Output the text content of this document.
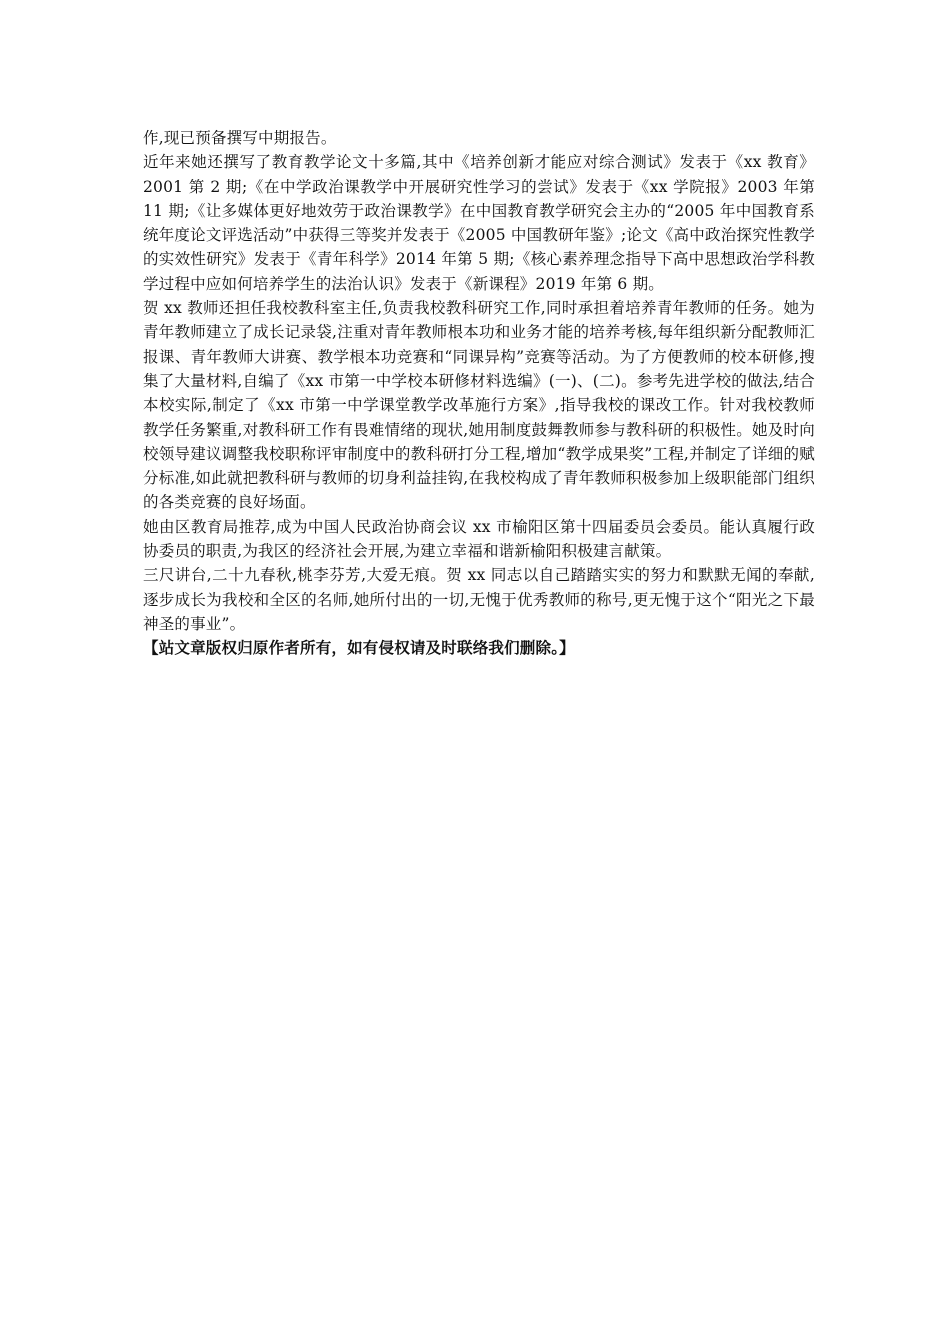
作,现已预备撰写中期报告。

近年来她还撰写了教育教学论文十多篇,其中《培养创新才能应对综合测试》发表于《xx 教育》2001 第 2 期;《在中学政治课教学中开展研究性学习的尝试》发表于《xx 学院报》2003 年第 11 期;《让多媒体更好地效劳于政治课教学》在中国教育教学研究会主办的“2005 年中国教育系统年度论文评选活动”中获得三等奖并发表于《2005 中国教研年鉴》;论文《高中政治探究性教学的实效性研究》发表于《青年科学》2014 年第 5 期;《核心素养理念指导下高中思想政治学科教学过程中应如何培养学生的法治认识》发表于《新课程》2019 年第 6 期。

贺 xx 教师还担任我校教科室主任,负责我校教科研究工作,同时承担着培养青年教师的任务。她为青年教师建立了成长记录袋,注重对青年教师根本功和业务才能的培养考核,每年组织新分配教师汇报课、青年教师大讲赛、教学根本功竞赛和“同课异构”竞赛等活动。为了方便教师的校本研修,搜集了大量材料,自编了《xx 市第一中学校本研修材料选编》(一)、(二)。参考先进学校的做法,结合本校实际,制定了《xx 市第一中学课堂教学改革施行方案》,指导我校的课改工作。针对我校教师教学任务繁重,对教科研工作有畏难情绪的现状,她用制度鼓舞教师参与教科研的积极性。她及时向校领导建议调整我校职称评审制度中的教科研打分工程,增加“教学成果奖”工程,并制定了详细的赋分标准,如此就把教科研与教师的切身利益挂钩,在我校构成了青年教师积极参加上级职能部门组织的各类竞赛的良好场面。

她由区教育局推荐,成为中国人民政治协商会议 xx 市榆阳区第十四届委员会委员。能认真履行政协委员的职责,为我区的经济社会开展,为建立幸福和谐新榆阳积极建言献策。

三尺讲台,二十九春秋,桃李芬芳,大爱无痕。贺 xx 同志以自己踏踏实实的努力和默默无闻的奉献,逐步成长为我校和全区的名师,她所付出的一切,无愧于优秀教师的称号,更无愧于这个“阳光之下最神圣的事业”。

【站文章版权归原作者所有，如有侵权请及时联络我们删除。】
